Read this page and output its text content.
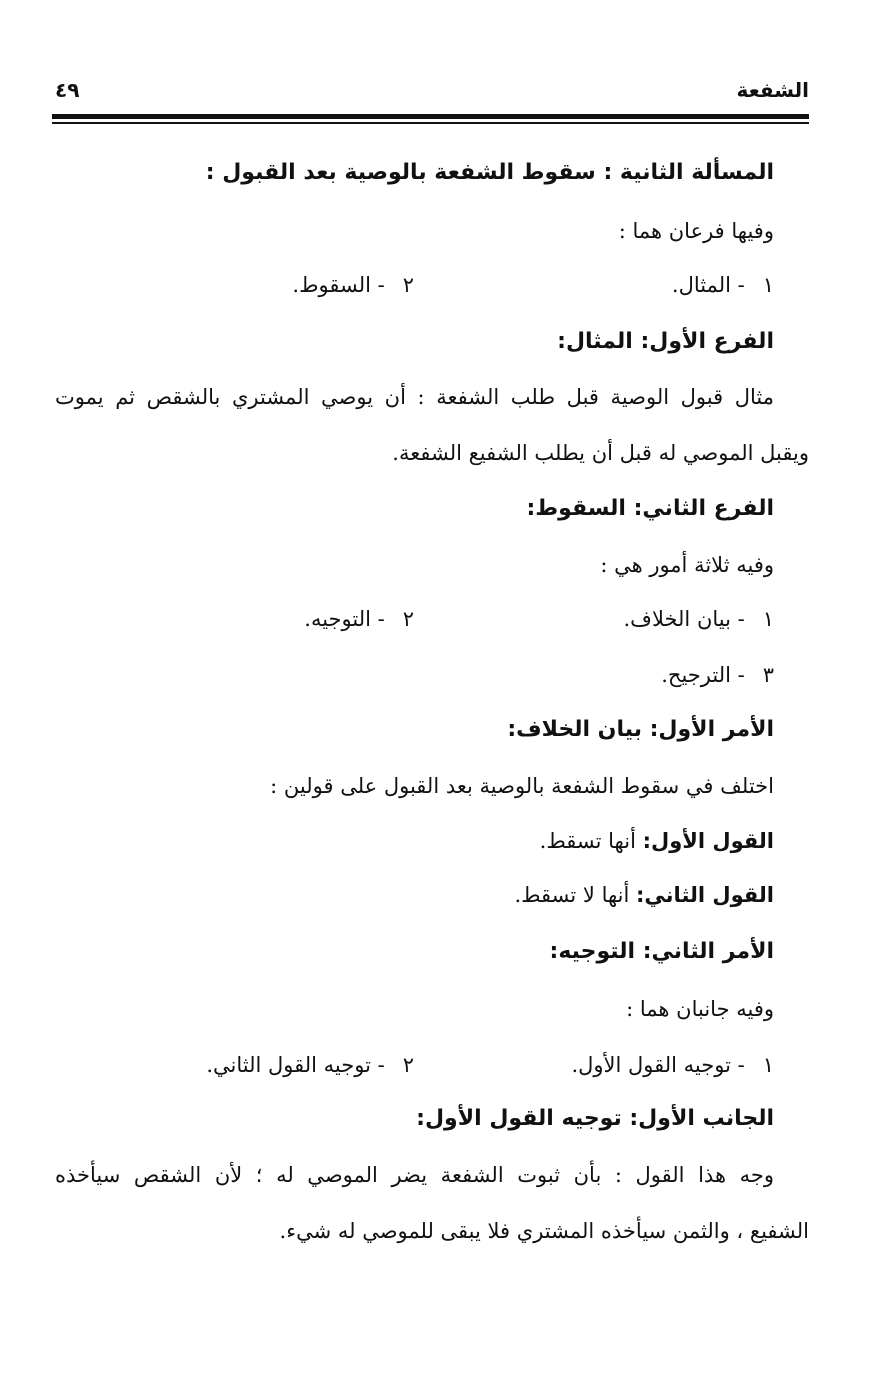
الشفعة
٤٩
المسألة الثانية : سقوط الشفعة بالوصية بعد القبول :
وفيها فرعان هما :
١- المثال.
٢- السقوط.
الفرع الأول: المثال:
مثال قبول الوصية قبل طلب الشفعة : أن يوصي المشتري بالشقص ثم يموت
ويقبل الموصي له قبل أن يطلب الشفيع الشفعة.
الفرع الثاني: السقوط:
وفيه ثلاثة أمور هي :
١- بيان الخلاف.
٢- التوجيه.
٣- الترجيح.
الأمر الأول: بيان الخلاف:
اختلف في سقوط الشفعة بالوصية بعد القبول على قولين :
القول الأول: أنها تسقط.
القول الثاني: أنها لا تسقط.
الأمر الثاني: التوجيه:
وفيه جانبان هما :
١- توجيه القول الأول.
٢- توجيه القول الثاني.
الجانب الأول: توجيه القول الأول:
وجه هذا القول : بأن ثبوت الشفعة يضر الموصي له ؛ لأن الشقص سيأخذه
الشفيع ، والثمن سيأخذه المشتري فلا يبقى للموصي له شيء.
